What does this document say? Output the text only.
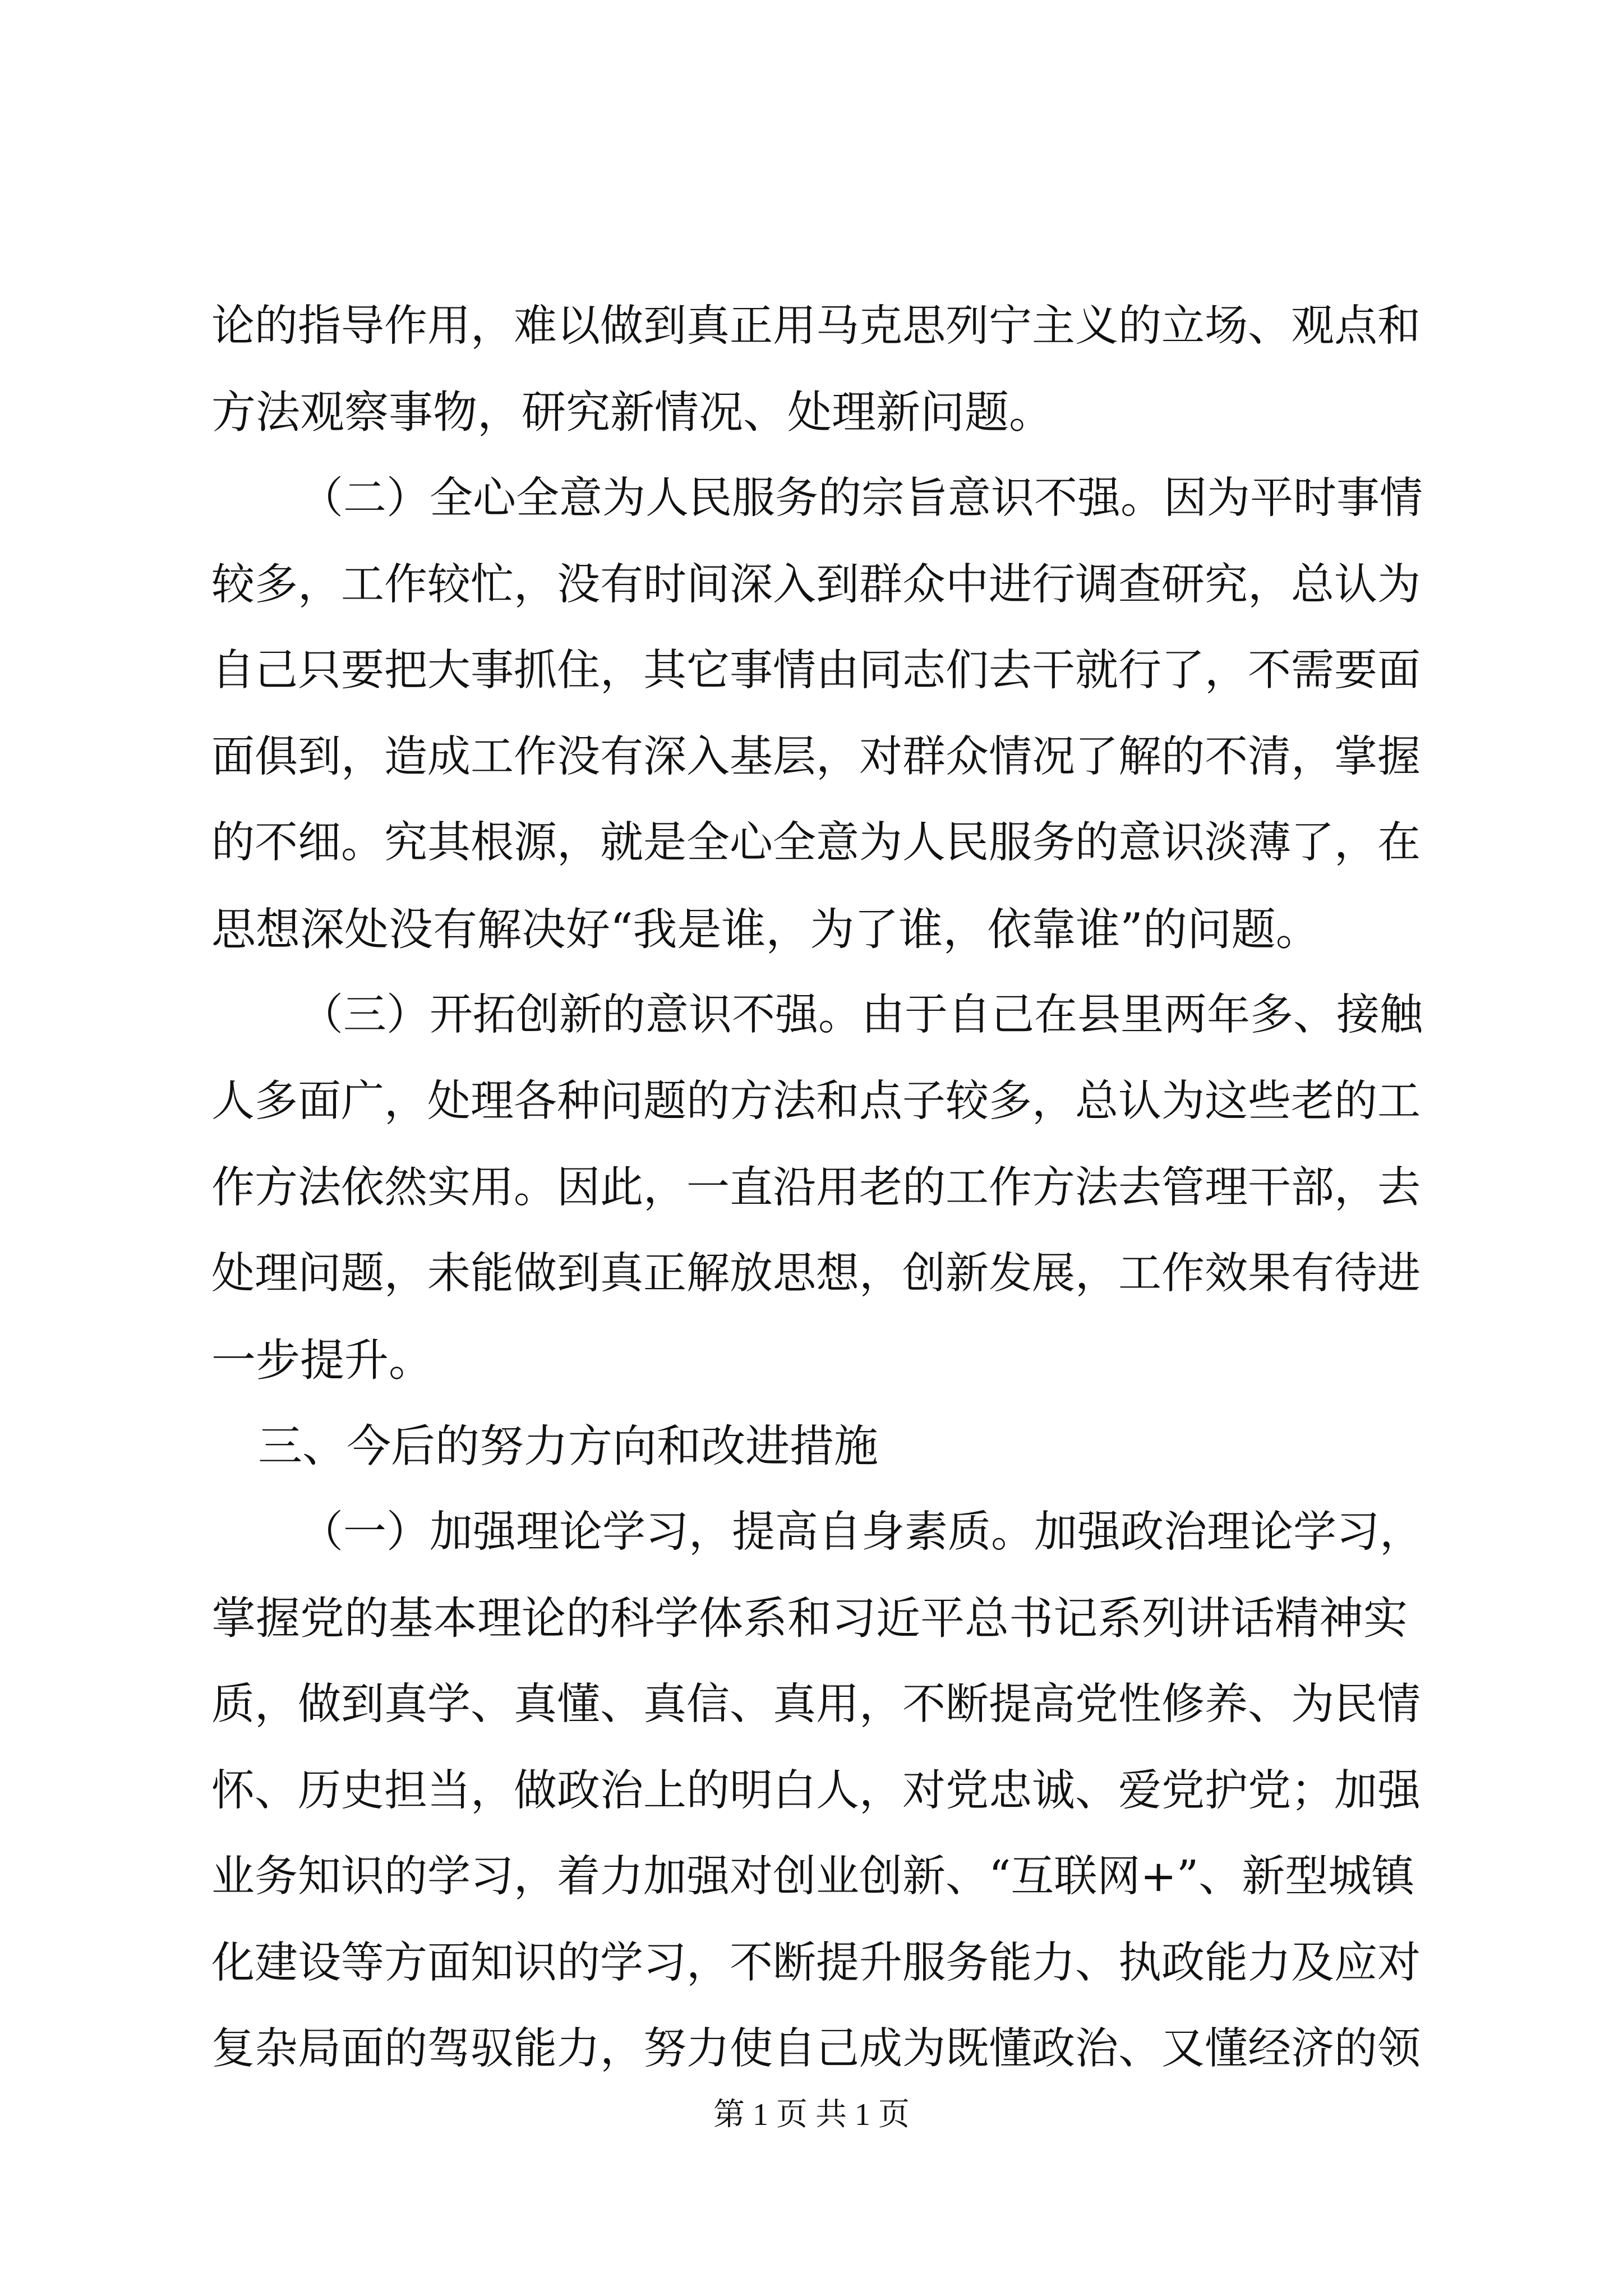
论的指导作用，难以做到真正用马克思列宁主义的立场、观点和
方法观察事物，研究新情况、处理新问题。
（二）全心全意为人民服务的宗旨意识不强。因为平时事情
较多，工作较忙，没有时间深入到群众中进行调查研究，总认为
自己只要把大事抓住，其它事情由同志们去干就行了，不需要面
面俱到，造成工作没有深入基层，对群众情况了解的不清，掌握
的不细。究其根源，就是全心全意为人民服务的意识淡薄了，在
思想深处没有解决好“我是谁，为了谁，依靠谁”的问题。
（三）开拓创新的意识不强。由于自己在县里两年多、接触
人多面广，处理各种问题的方法和点子较多，总认为这些老的工
作方法依然实用。因此，一直沿用老的工作方法去管理干部，去
处理问题，未能做到真正解放思想，创新发展，工作效果有待进
一步提升。
三、今后的努力方向和改进措施
（一）加强理论学习，提高自身素质。加强政治理论学习，
掌握党的基本理论的科学体系和习近平总书记系列讲话精神实
质，做到真学、真懂、真信、真用，不断提高党性修养、为民情
怀、历史担当，做政治上的明白人，对党忠诚、爱党护党；加强
业务知识的学习，着力加强对创业创新、“互联网+”、新型城镇
化建设等方面知识的学习，不断提升服务能力、执政能力及应对
复杂局面的驾驭能力，努力使自己成为既懂政治、又懂经济的领
第 1 页 共 1 页
